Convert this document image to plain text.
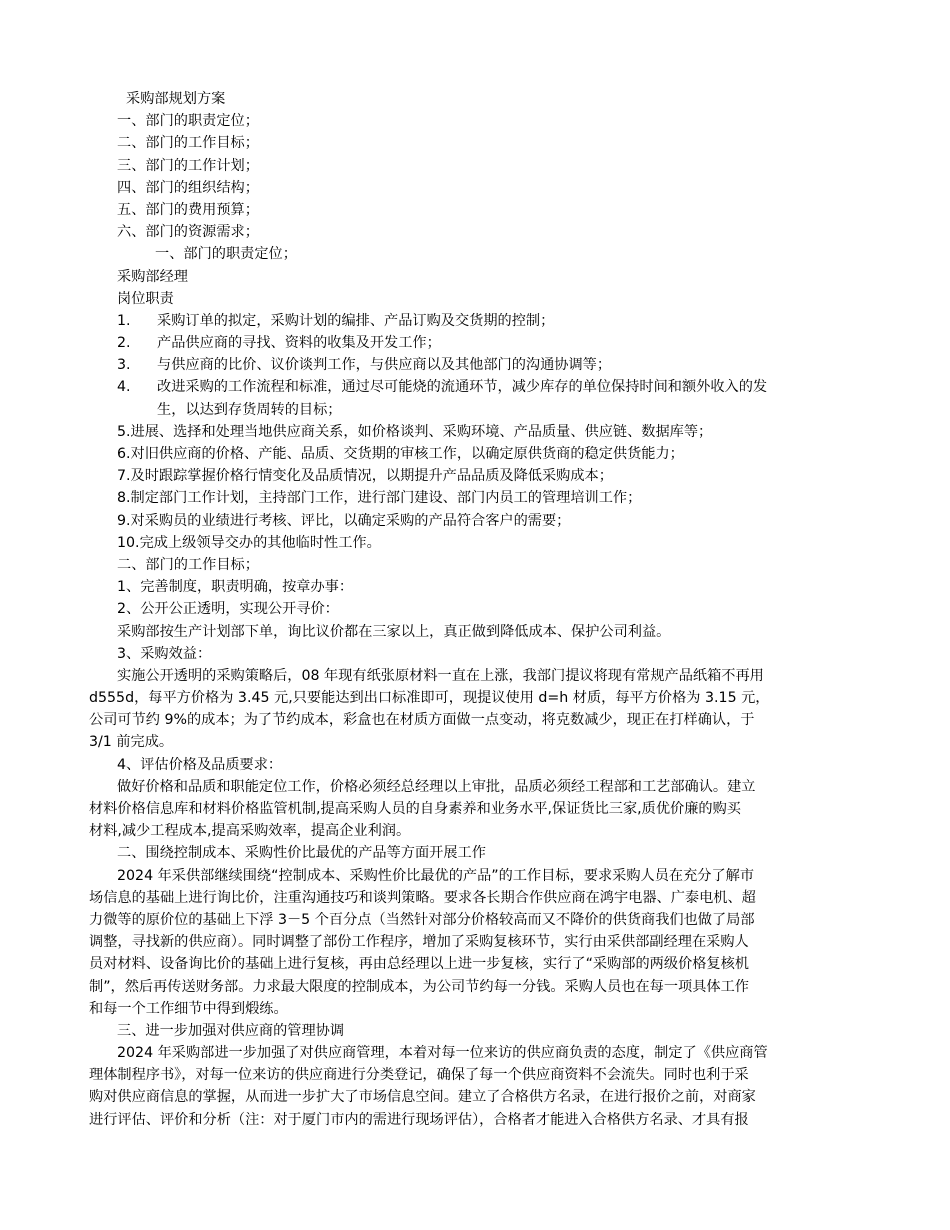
采购部规划方案
一、部门的职责定位；
二、部门的工作目标；
三、部门的工作计划；
四、部门的组织结构；
五、部门的费用预算；
六、部门的资源需求；
一、部门的职责定位；
采购部经理
岗位职责
1.	采购订单的拟定，采购计划的编排、产品订购及交货期的控制；
2.	产品供应商的寻找、资料的收集及开发工作；
3.	与供应商的比价、议价谈判工作，与供应商以及其他部门的沟通协调等；
4.	改进采购的工作流程和标准，通过尽可能烧的流通环节，减少库存的单位保持时间和额外收入的发
生，以达到存货周转的目标；
5.进展、选择和处理当地供应商关系，如价格谈判、采购环境、产品质量、供应链、数据库等；
6.对旧供应商的价格、产能、品质、交货期的审核工作，以确定原供货商的稳定供货能力；
7.及时跟踪掌握价格行情变化及品质情况，以期提升产品品质及降低采购成本；
8.制定部门工作计划，主持部门工作，进行部门建设、部门内员工的管理培训工作；
9.对采购员的业绩进行考核、评比，以确定采购的产品符合客户的需要；
10.完成上级领导交办的其他临时性工作。
二、部门的工作目标；
1、完善制度，职责明确，按章办事：
2、公开公正透明，实现公开寻价：
采购部按生产计划部下单，询比议价都在三家以上，真正做到降低成本、保护公司利益。
3、采购效益：
实施公开透明的采购策略后，08 年现有纸张原材料一直在上涨，我部门提议将现有常规产品纸箱不再用
d555d，每平方价格为 3.45 元,只要能达到出口标准即可，现提议使用 d=h 材质，每平方价格为 3.15 元，
公司可节约 9%的成本；为了节约成本，彩盒也在材质方面做一点变动，将克数减少，现正在打样确认，于
3/1 前完成。
4、评估价格及品质要求：
做好价格和品质和职能定位工作，价格必须经总经理以上审批，品质必须经工程部和工艺部确认。建立
材料价格信息库和材料价格监管机制,提高采购人员的自身素养和业务水平,保证货比三家,质优价廉的购买
材料,减少工程成本,提高采购效率，提高企业利润。
二、围绕控制成本、采购性价比最优的产品等方面开展工作
2024 年采供部继续围绕“控制成本、采购性价比最优的产品”的工作目标，要求采购人员在充分了解市
场信息的基础上进行询比价，注重沟通技巧和谈判策略。要求各长期合作供应商在鸿宇电器、广泰电机、超
力微等的原价位的基础上下浮 3－5 个百分点（当然针对部分价格较高而又不降价的供货商我们也做了局部
调整，寻找新的供应商）。同时调整了部份工作程序，增加了采购复核环节，实行由采供部副经理在采购人
员对材料、设备询比价的基础上进行复核，再由总经理以上进一步复核，实行了“采购部的两级价格复核机
制”，然后再传送财务部。力求最大限度的控制成本，为公司节约每一分钱。采购人员也在每一项具体工作
和每一个工作细节中得到煅练。
三、进一步加强对供应商的管理协调
2024 年采购部进一步加强了对供应商管理，本着对每一位来访的供应商负责的态度，制定了《供应商管
理体制程序书》，对每一位来访的供应商进行分类登记，确保了每一个供应商资料不会流失。同时也利于采
购对供应商信息的掌握，从而进一步扩大了市场信息空间。建立了合格供方名录，在进行报价之前，对商家
进行评估、评价和分析（注：对于厦门市内的需进行现场评估），合格者才能进入合格供方名录、才具有报
